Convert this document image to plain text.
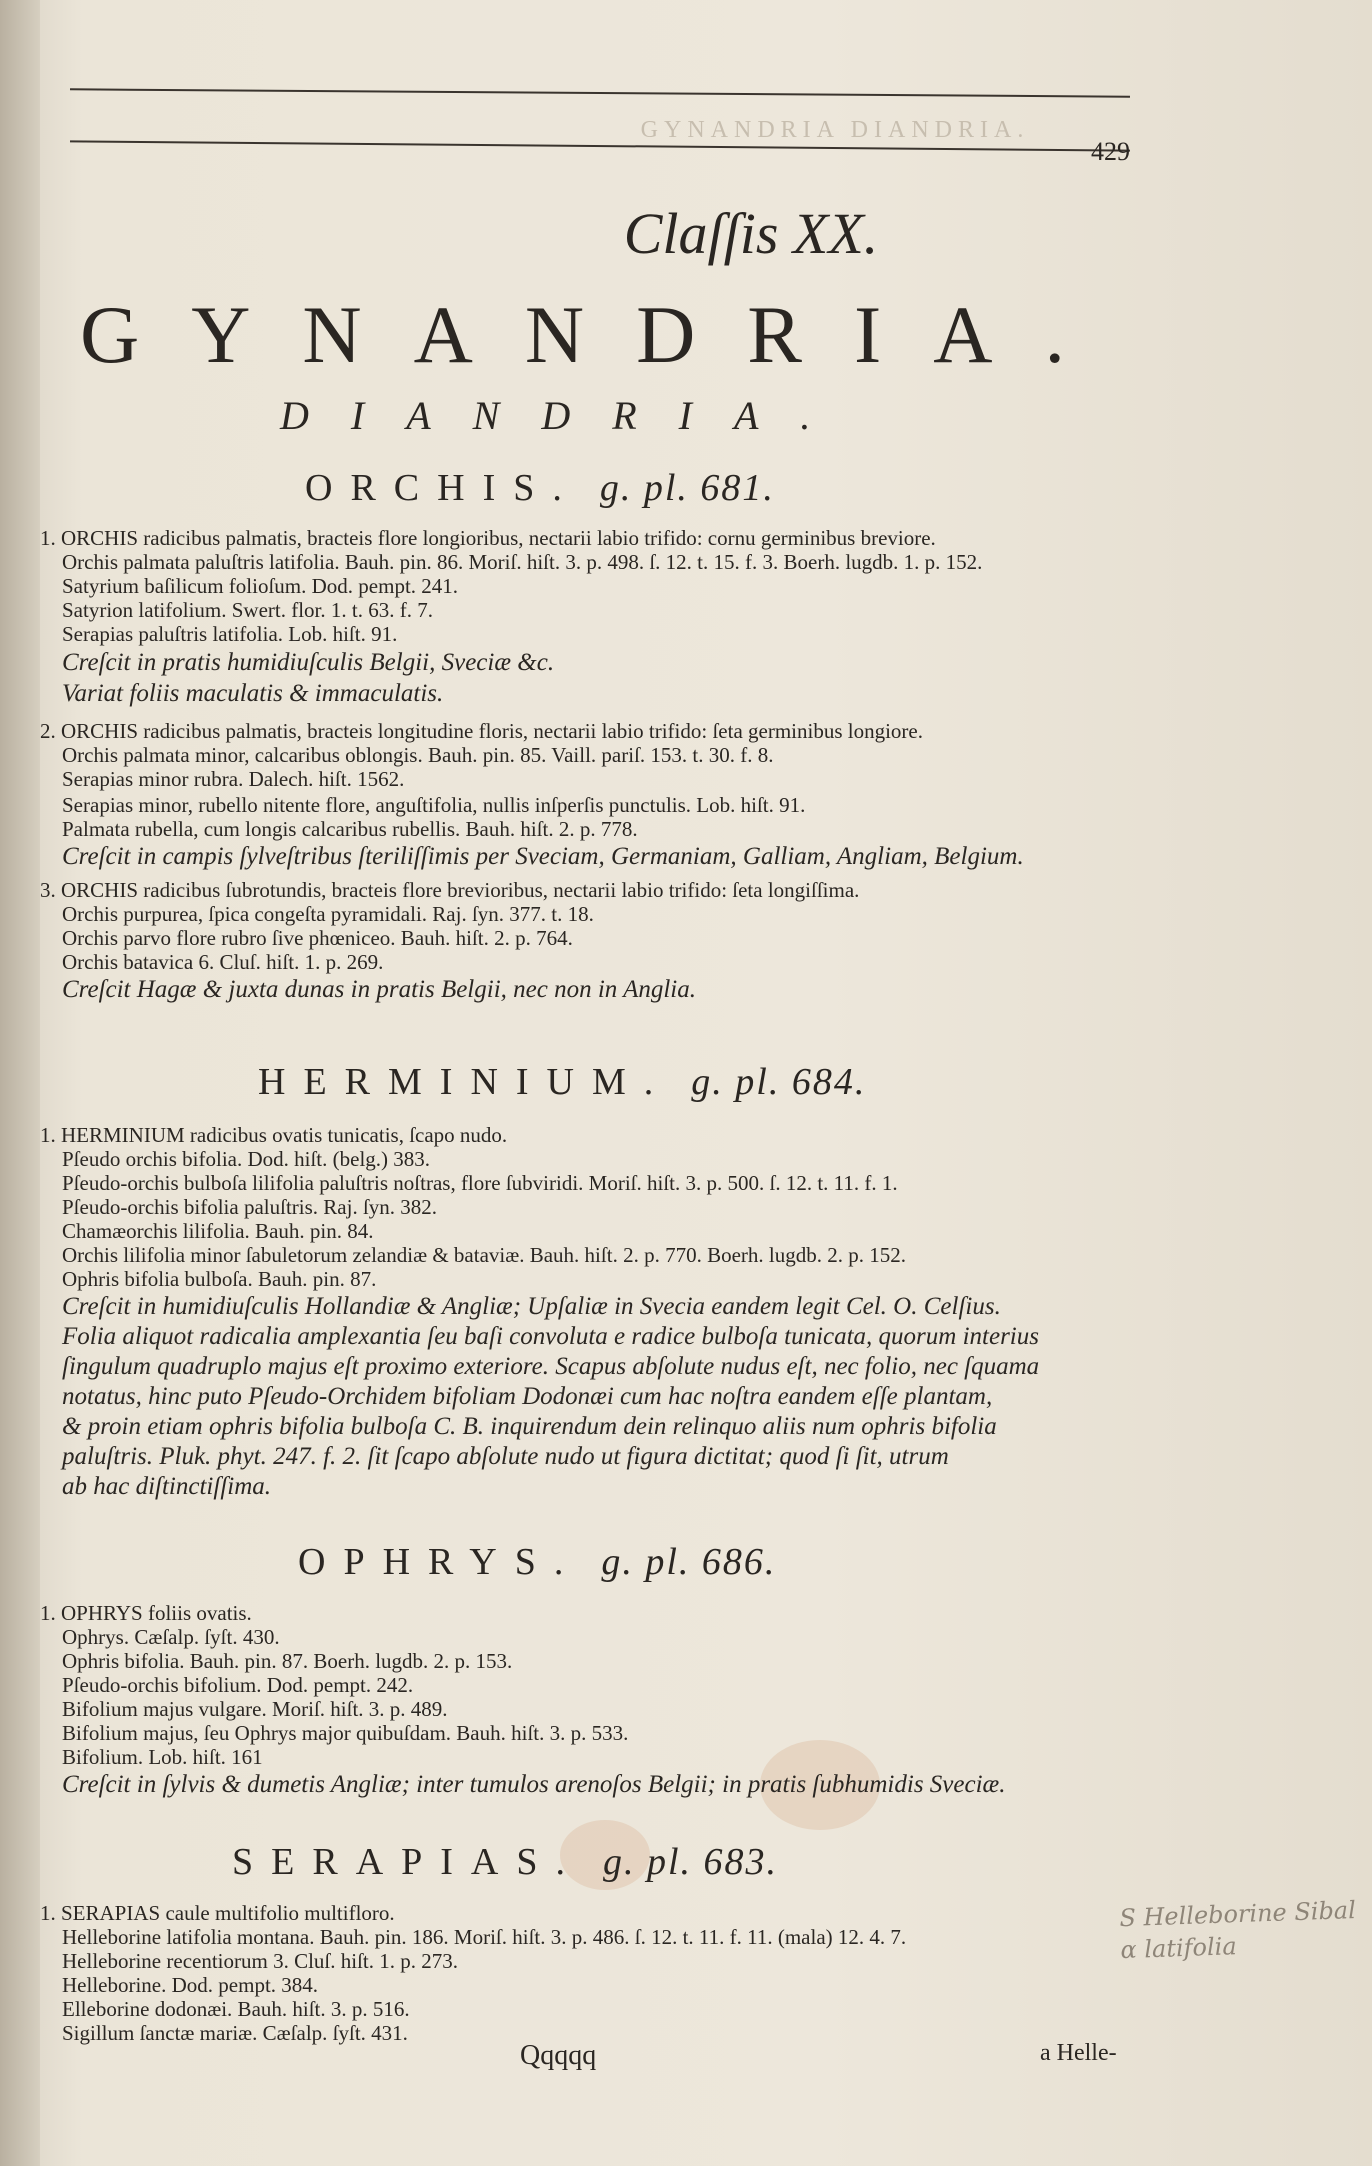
GYNANDRIA DIANDRIA.
429
Claſſis XX.
GYNANDRIA.
DIANDRIA.
ORCHIS. g. pl. 681.
1. ORCHIS radicibus palmatis, bracteis flore longioribus, nectarii labio trifido: cornu germinibus breviore.
Orchis palmata paluſtris latifolia. Bauh. pin. 86. Moriſ. hiſt. 3. p. 498. ſ. 12. t. 15. f. 3. Boerh. lugdb. 1. p. 152.
Satyrium baſilicum folioſum. Dod. pempt. 241.
Satyrion latifolium. Swert. flor. 1. t. 63. f. 7.
Serapias paluſtris latifolia. Lob. hiſt. 91.
Creſcit in pratis humidiuſculis Belgii, Sveciæ &c.
Variat foliis maculatis & immaculatis.
2. ORCHIS radicibus palmatis, bracteis longitudine floris, nectarii labio trifido: ſeta germinibus longiore.
Orchis palmata minor, calcaribus oblongis. Bauh. pin. 85. Vaill. pariſ. 153. t. 30. f. 8.
Serapias minor rubra. Dalech. hiſt. 1562.
Serapias minor, rubello nitente flore, anguſtifolia, nullis inſperſis punctulis. Lob. hiſt. 91.
Palmata rubella, cum longis calcaribus rubellis. Bauh. hiſt. 2. p. 778.
Creſcit in campis ſylveſtribus ſteriliſſimis per Sveciam, Germaniam, Galliam, Angliam, Belgium.
3. ORCHIS radicibus ſubrotundis, bracteis flore brevioribus, nectarii labio trifido: ſeta longiſſima.
Orchis purpurea, ſpica congeſta pyramidali. Raj. ſyn. 377. t. 18.
Orchis parvo flore rubro ſive phœniceo. Bauh. hiſt. 2. p. 764.
Orchis batavica 6. Cluſ. hiſt. 1. p. 269.
Creſcit Hagæ & juxta dunas in pratis Belgii, nec non in Anglia.
HERMINIUM. g. pl. 684.
1. HERMINIUM radicibus ovatis tunicatis, ſcapo nudo.
Pſeudo orchis bifolia. Dod. hiſt. (belg.) 383.
Pſeudo-orchis bulboſa lilifolia paluſtris noſtras, flore ſubviridi. Moriſ. hiſt. 3. p. 500. ſ. 12. t. 11. f. 1.
Pſeudo-orchis bifolia paluſtris. Raj. ſyn. 382.
Chamæorchis lilifolia. Bauh. pin. 84.
Orchis lilifolia minor ſabuletorum zelandiæ & bataviæ. Bauh. hiſt. 2. p. 770. Boerh. lugdb. 2. p. 152.
Ophris bifolia bulboſa. Bauh. pin. 87.
Creſcit in humidiuſculis Hollandiæ & Angliæ; Upſaliæ in Svecia eandem legit Cel. O. Celſius.
Folia aliquot radicalia amplexantia ſeu baſi convoluta e radice bulboſa tunicata, quorum interius
ſingulum quadruplo majus eſt proximo exteriore. Scapus abſolute nudus eſt, nec folio, nec ſquama
notatus, hinc puto Pſeudo-Orchidem bifoliam Dodonæi cum hac noſtra eandem eſſe plantam,
& proin etiam ophris bifolia bulboſa C. B. inquirendum dein relinquo aliis num ophris bifolia
paluſtris. Pluk. phyt. 247. f. 2. ſit ſcapo abſolute nudo ut figura dictitat; quod ſi ſit, utrum
ab hac diſtinctiſſima.
OPHRYS. g. pl. 686.
1. OPHRYS foliis ovatis.
Ophrys. Cæſalp. ſyſt. 430.
Ophris bifolia. Bauh. pin. 87. Boerh. lugdb. 2. p. 153.
Pſeudo-orchis bifolium. Dod. pempt. 242.
Bifolium majus vulgare. Moriſ. hiſt. 3. p. 489.
Bifolium majus, ſeu Ophrys major quibuſdam. Bauh. hiſt. 3. p. 533.
Bifolium. Lob. hiſt. 161
Creſcit in ſylvis & dumetis Angliæ; inter tumulos arenoſos Belgii; in pratis ſubhumidis Sveciæ.
SERAPIAS. g. pl. 683.
1. SERAPIAS caule multifolio multifloro.
Helleborine latifolia montana. Bauh. pin. 186. Moriſ. hiſt. 3. p. 486. ſ. 12. t. 11. f. 11. (mala) 12. 4. 7.
Helleborine recentiorum 3. Cluſ. hiſt. 1. p. 273.
Helleborine. Dod. pempt. 384.
Elleborine dodonæi. Bauh. hiſt. 3. p. 516.
Sigillum ſanctæ mariæ. Cæſalp. ſyſt. 431.
S Helleborine Sibal
α latifolia
Qqqqq	a Helle-
